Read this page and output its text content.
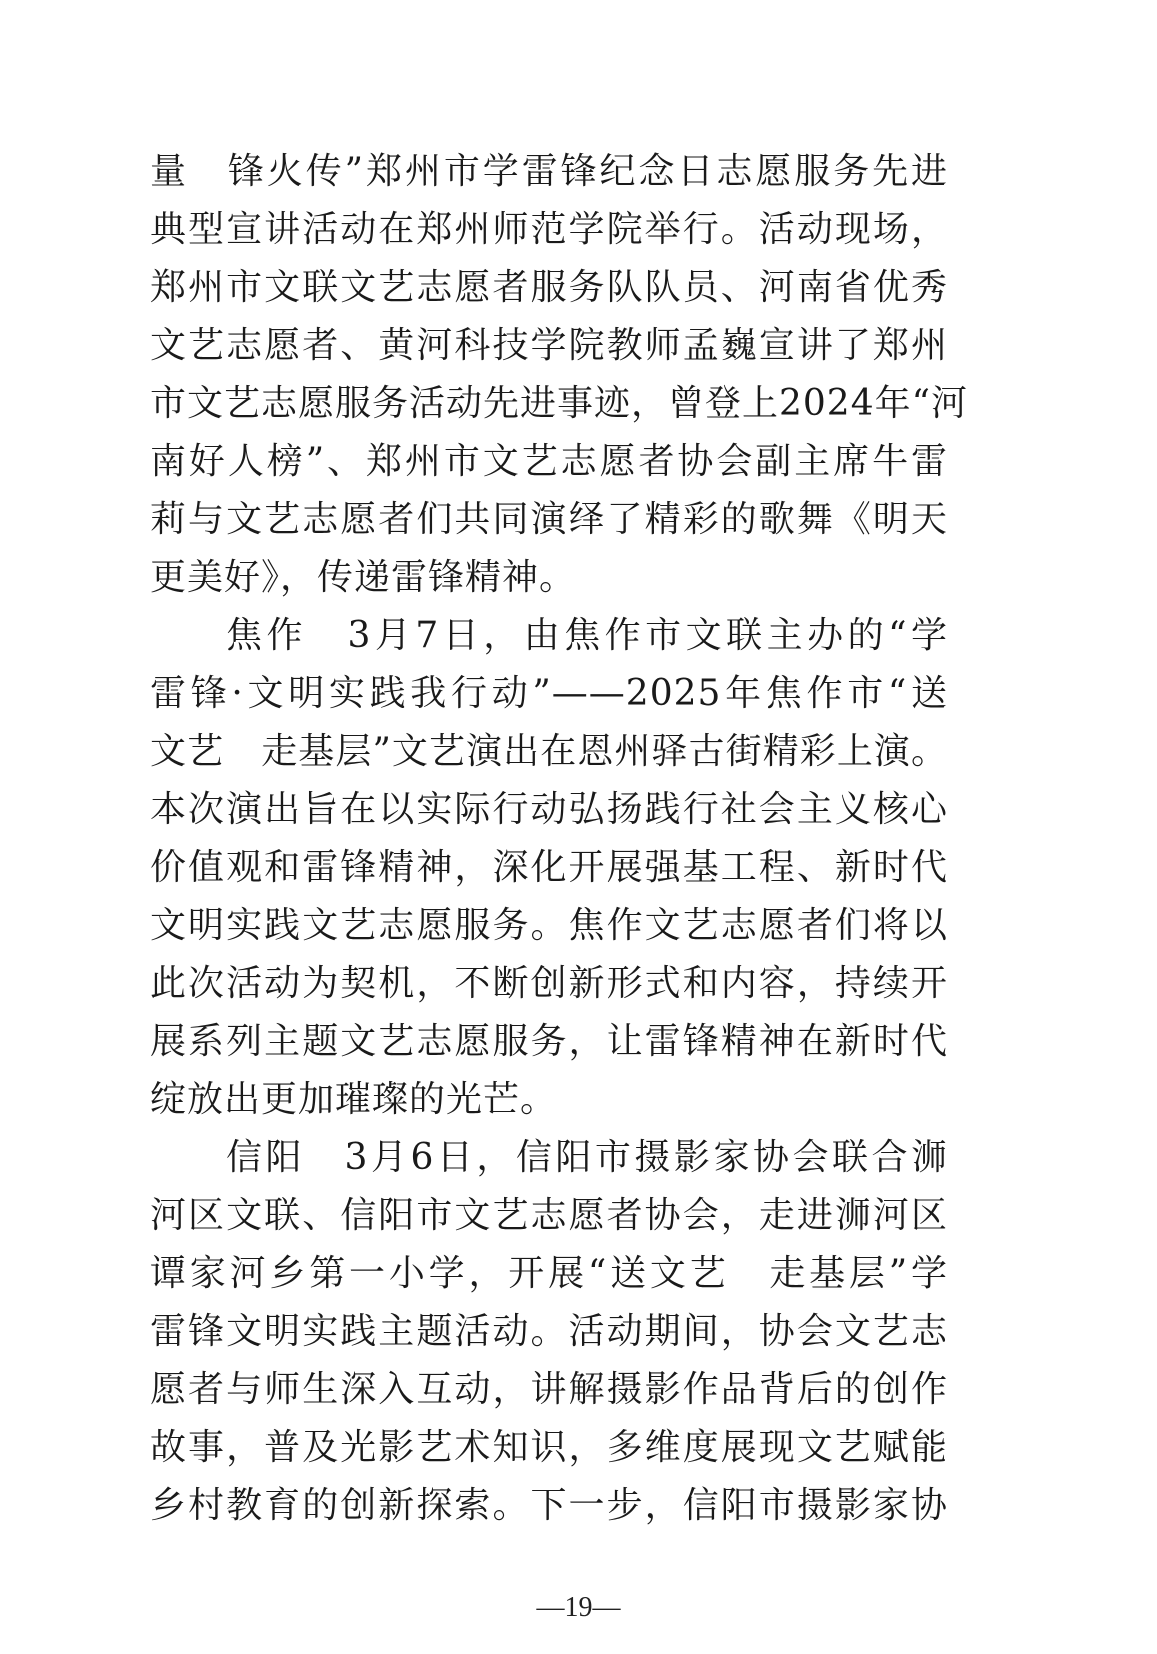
量　锋火传”郑州市学雷锋纪念日志愿服务先进
典型宣讲活动在郑州师范学院举行。活动现场，
郑州市文联文艺志愿者服务队队员、河南省优秀
文艺志愿者、黄河科技学院教师孟巍宣讲了郑州
市文艺志愿服务活动先进事迹，曾登上2024年“河
南好人榜”、郑州市文艺志愿者协会副主席牛雷
莉与文艺志愿者们共同演绎了精彩的歌舞《明天
更美好》，传递雷锋精神。
焦作　3月7日，由焦作市文联主办的“学
雷锋·文明实践我行动”——2025年焦作市“送
文艺　走基层”文艺演出在恩州驿古街精彩上演。
本次演出旨在以实际行动弘扬践行社会主义核心
价值观和雷锋精神，深化开展强基工程、新时代
文明实践文艺志愿服务。焦作文艺志愿者们将以
此次活动为契机，不断创新形式和内容，持续开
展系列主题文艺志愿服务，让雷锋精神在新时代
绽放出更加璀璨的光芒。
信阳　3月6日，信阳市摄影家协会联合浉
河区文联、信阳市文艺志愿者协会，走进浉河区
谭家河乡第一小学，开展“送文艺　走基层”学
雷锋文明实践主题活动。活动期间，协会文艺志
愿者与师生深入互动，讲解摄影作品背后的创作
故事，普及光影艺术知识，多维度展现文艺赋能
乡村教育的创新探索。下一步，信阳市摄影家协
—19—
